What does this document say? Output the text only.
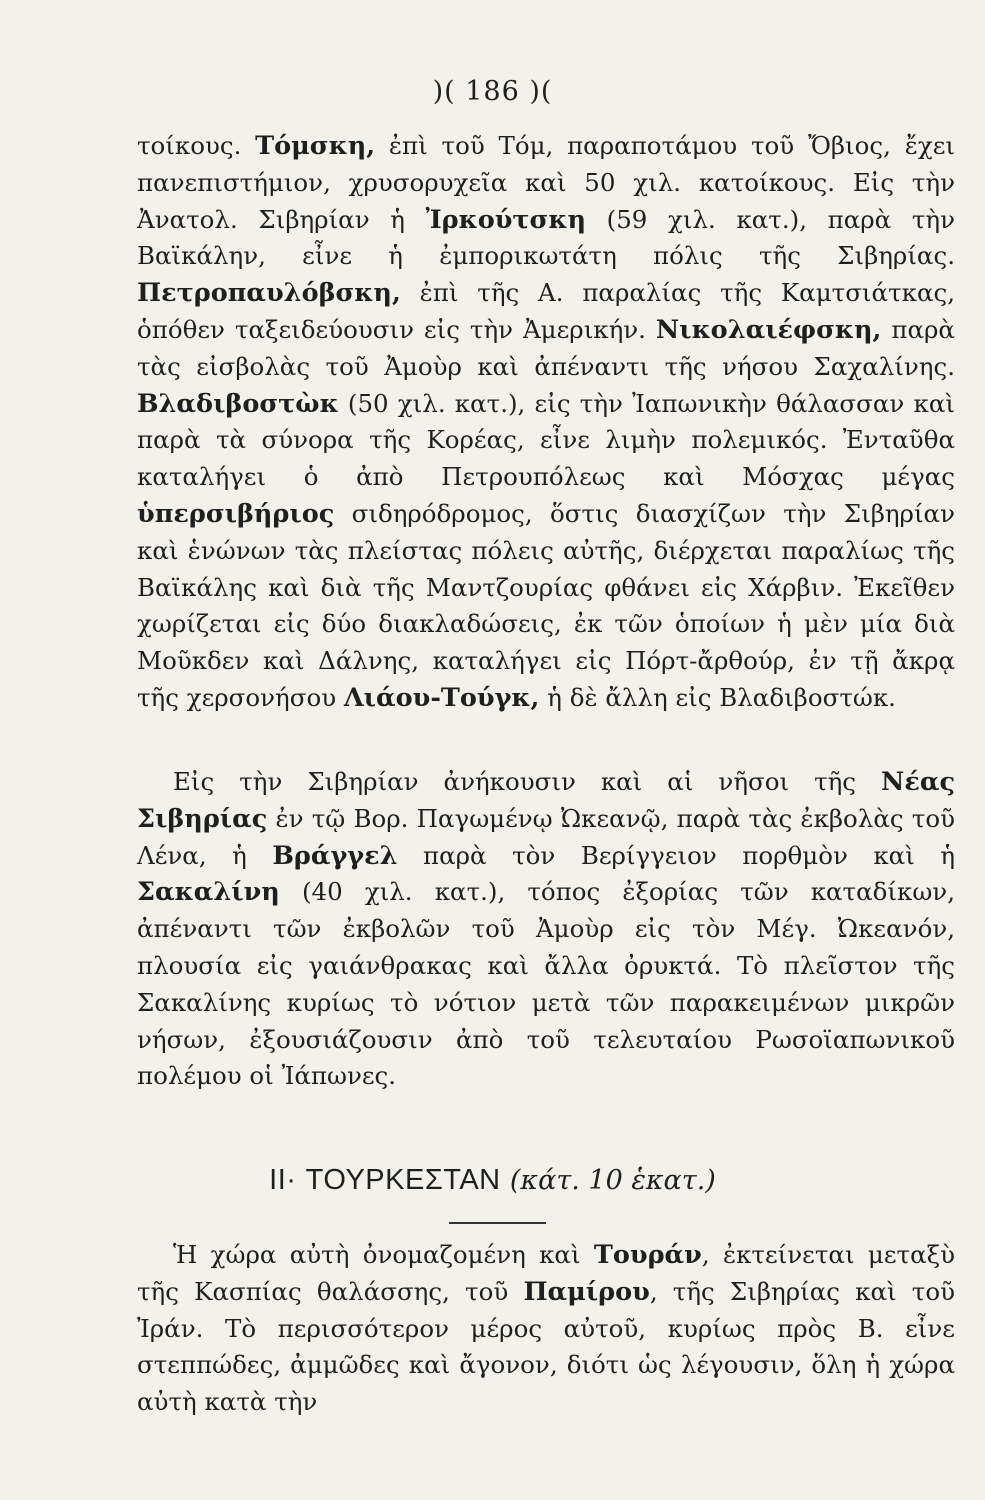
)( 186 )(

τοίκους. Τόμσκη, ἐπὶ τοῦ Τόμ, παραποτάμου τοῦ Ὄβιος, ἔχει πανεπιστήμιον, χρυσορυχεῖα καὶ 50 χιλ. κατοίκους. Εἰς τὴν Ἀνατολ. Σιβηρίαν ἡ Ἰρκούτσκη (59 χιλ. κατ.), παρὰ τὴν Βαϊκάλην, εἶνε ἡ ἐμπορικωτάτη πόλις τῆς Σιβηρίας. Πετροπαυλόβσκη, ἐπὶ τῆς Α. παραλίας τῆς Καμτσιάτκας, ὁπόθεν ταξειδεύουσιν εἰς τὴν Ἀμερικήν. Νικολαιέφσκη, παρὰ τὰς εἰσβολὰς τοῦ Ἀμοὺρ καὶ ἀπέναντι τῆς νήσου Σαχαλίνης. Βλαδιβοστὼκ (50 χιλ. κατ.), εἰς τὴν Ἰαπωνικὴν θάλασσαν καὶ παρὰ τὰ σύνορα τῆς Κορέας, εἶνε λιμὴν πολεμικός. Ἐνταῦθα καταλήγει ὁ ἀπὸ Πετρουπόλεως καὶ Μόσχας μέγας ὑπερσιβήριος σιδηρόδρομος, ὅστις διασχίζων τὴν Σιβηρίαν καὶ ἑνώνων τὰς πλείστας πόλεις αὐτῆς, διέρχεται παραλίως τῆς Βαϊκάλης καὶ διὰ τῆς Μαντζουρίας φθάνει εἰς Χάρβιν. Ἐκεῖθεν χωρίζεται εἰς δύο διακλαδώσεις, ἐκ τῶν ὁποίων ἡ μὲν μία διὰ Μοῦκδεν καὶ Δάλνης, καταλήγει εἰς Πόρτ-ἄρθούρ, ἐν τῇ ἄκρᾳ τῆς χερσονήσου Λιάου-Τούγκ, ἡ δὲ ἄλλη εἰς Βλαδιβοστώκ.

Εἰς τὴν Σιβηρίαν ἀνήκουσιν καὶ αἱ νῆσοι τῆς Νέας Σιβηρίας ἐν τῷ Βορ. Παγωμένῳ Ὠκεανῷ, παρὰ τὰς ἐκβολὰς τοῦ Λένα, ἡ Βράγγελ παρὰ τὸν Βερίγγειον πορθμὸν καὶ ἡ Σακαλίνη (40 χιλ. κατ.), τόπος ἐξορίας τῶν καταδίκων, ἀπέναντι τῶν ἐκβολῶν τοῦ Ἀμοὺρ εἰς τὸν Μέγ. Ὠκεανόν, πλουσία εἰς γαιάνθρακας καὶ ἄλλα ὀρυκτά. Τὸ πλεῖστον τῆς Σακαλίνης κυρίως τὸ νότιον μετὰ τῶν παρακειμένων μικρῶν νήσων, ἐξουσιάζουσιν ἀπὸ τοῦ τελευταίου Ρωσοϊαπωνικοῦ πολέμου οἱ Ἰάπωνες.

II· ΤΟΥΡΚΕΣΤΑΝ (κάτ. 10 ἑκατ.)

Ἡ χώρα αὐτὴ ὀνομαζομένη καὶ Τουράν, ἐκτείνεται μεταξὺ τῆς Κασπίας θαλάσσης, τοῦ Παμίρου, τῆς Σιβηρίας καὶ τοῦ Ἰράν. Τὸ περισσότερον μέρος αὐτοῦ, κυρίως πρὸς Β. εἶνε στεππώδες, ἀμμῶδες καὶ ἄγονον, διότι ὡς λέγουσιν, ὅλη ἡ χώρα αὐτὴ κατὰ τὴν
